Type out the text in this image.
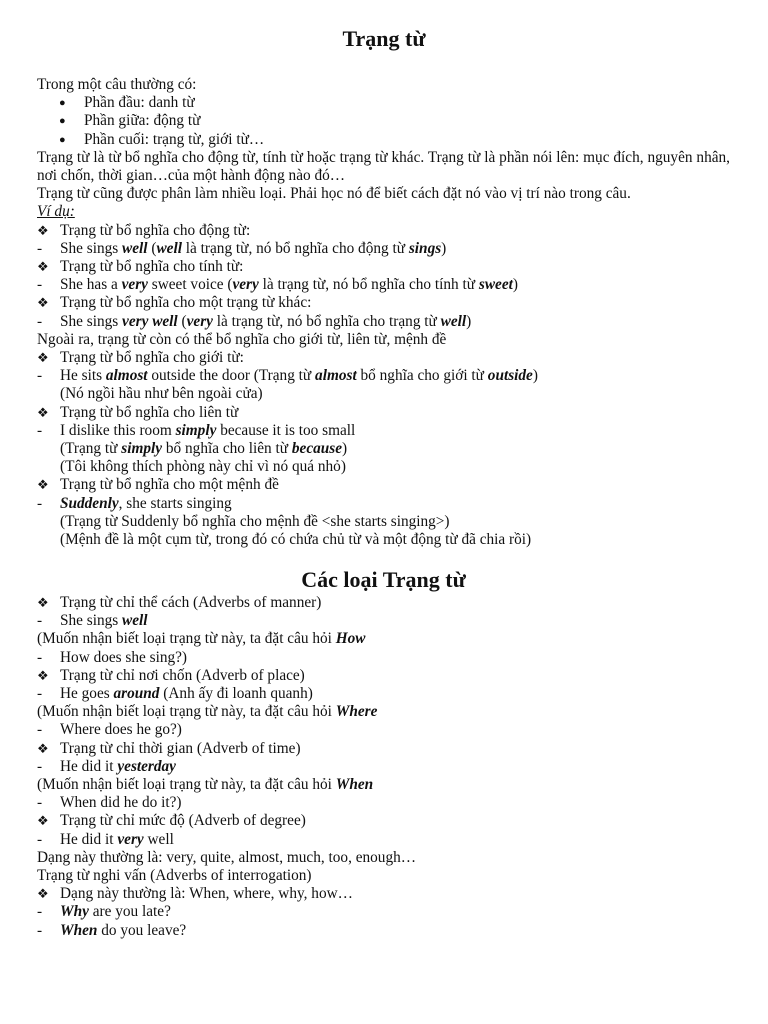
Trạng từ
Trong một câu thường có:
● Phần đầu: danh từ
● Phần giữa: động từ
● Phần cuối: trạng từ, giới từ…
Trạng từ là từ bổ nghĩa cho động từ, tính từ hoặc trạng từ khác. Trạng từ là phần nói lên: mục đích, nguyên nhân, nơi chốn, thời gian…của một hành động nào đó…
Trạng từ cũng được phân làm nhiều loại. Phải học nó để biết cách đặt nó vào vị trí nào trong câu.
Ví dụ:
❖ Trạng từ bổ nghĩa cho động từ:
- She sings well (well là trạng từ, nó bổ nghĩa cho động từ sings)
❖ Trạng từ bổ nghĩa cho tính từ:
- She has a very sweet voice (very là trạng từ, nó bổ nghĩa cho tính từ sweet)
❖ Trạng từ bổ nghĩa cho một trạng từ khác:
- She sings very well (very là trạng từ, nó bổ nghĩa cho trạng từ well)
Ngoài ra, trạng từ còn có thể bổ nghĩa cho giới từ, liên từ, mệnh đề
❖ Trạng từ bổ nghĩa cho giới từ:
- He sits almost outside the door (Trạng từ almost bổ nghĩa cho giới từ outside)
(Nó ngồi hầu như bên ngoài cửa)
❖ Trạng từ bổ nghĩa cho liên từ
- I dislike this room simply because it is too small
(Trạng từ simply bổ nghĩa cho liên từ because)
(Tôi không thích phòng này chỉ vì nó quá nhỏ)
❖ Trạng từ bổ nghĩa cho một mệnh đề
- Suddenly, she starts singing
(Trạng từ Suddenly bổ nghĩa cho mệnh đề <she starts singing>)
(Mệnh đề là một cụm từ, trong đó có chứa chủ từ và một động từ đã chia rồi)
Các loại Trạng từ
❖ Trạng từ chỉ thể cách (Adverbs of manner)
- She sings well
(Muốn nhận biết loại trạng từ này, ta đặt câu hỏi How
- How does she sing?)
❖ Trạng từ chỉ nơi chốn (Adverb of place)
- He goes around (Anh ấy đi loanh quanh)
(Muốn nhận biết loại trạng từ này, ta đặt câu hỏi Where
- Where does he go?)
❖ Trạng từ chỉ thời gian (Adverb of time)
- He did it yesterday
(Muốn nhận biết loại trạng từ này, ta đặt câu hỏi When
- When did he do it?)
❖ Trạng từ chỉ mức độ (Adverb of degree)
- He did it very well
Dạng này thường là: very, quite, almost, much, too, enough…
Trạng từ nghi vấn (Adverbs of interrogation)
❖ Dạng này thường là: When, where, why, how…
- Why are you late?
- When do you leave?
